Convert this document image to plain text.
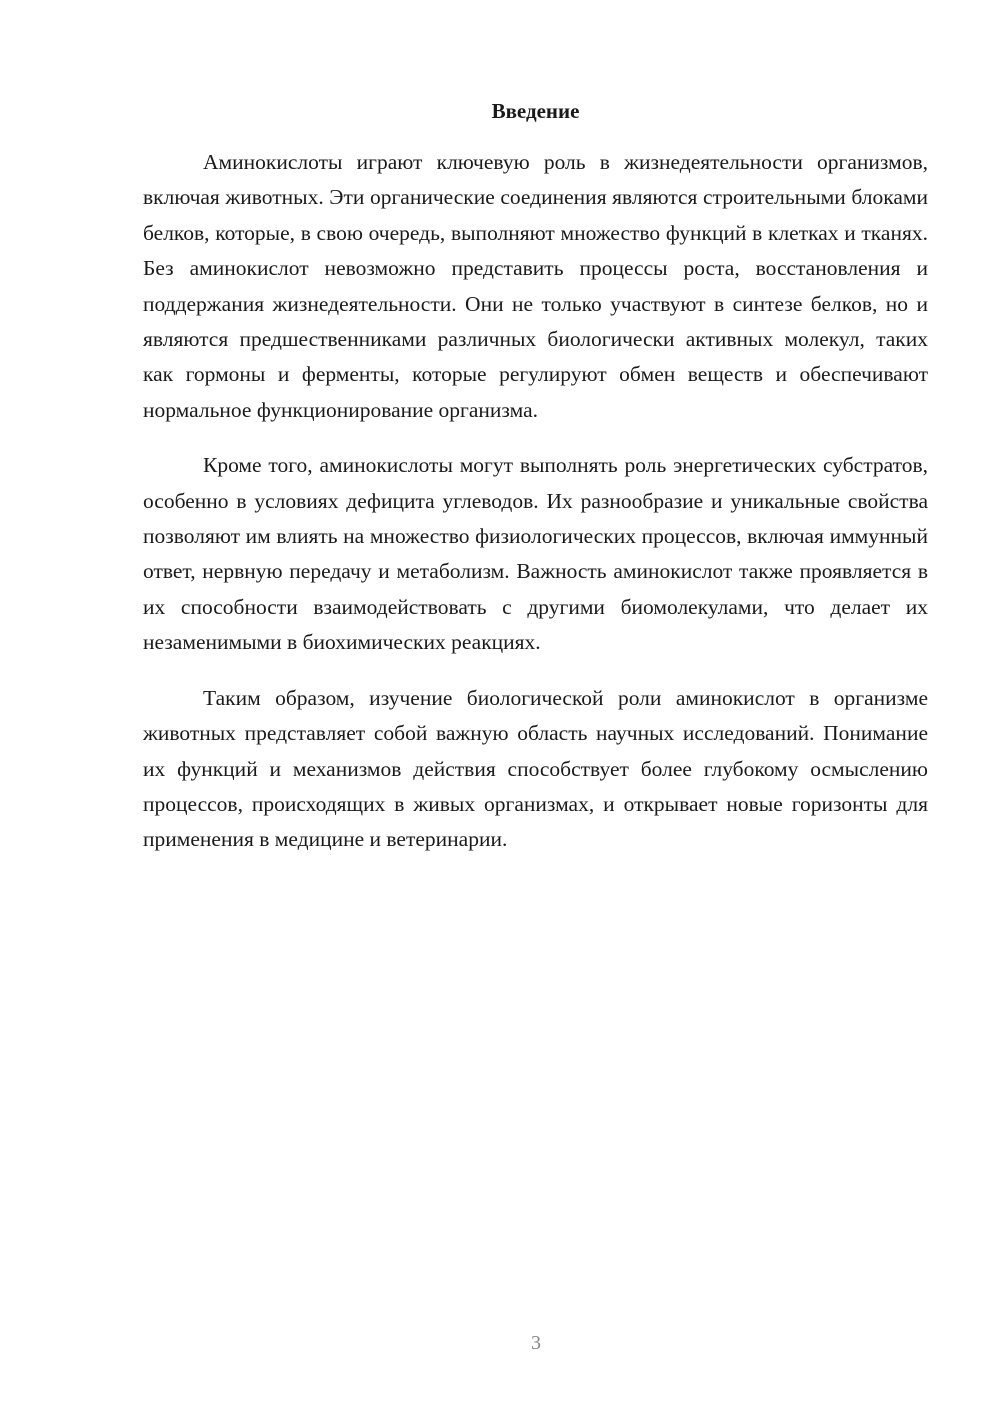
Введение

Аминокислоты играют ключевую роль в жизнедеятельности организмов, включая животных. Эти органические соединения являются строительными блоками белков, которые, в свою очередь, выполняют множество функций в клетках и тканях. Без аминокислот невозможно представить процессы роста, восстановления и поддержания жизнедеятельности. Они не только участвуют в синтезе белков, но и являются предшественниками различных биологически активных молекул, таких как гормоны и ферменты, которые регулируют обмен веществ и обеспечивают нормальное функционирование организма.

Кроме того, аминокислоты могут выполнять роль энергетических субстратов, особенно в условиях дефицита углеводов. Их разнообразие и уникальные свойства позволяют им влиять на множество физиологических процессов, включая иммунный ответ, нервную передачу и метаболизм. Важность аминокислот также проявляется в их способности взаимодействовать с другими биомолекулами, что делает их незаменимыми в биохимических реакциях.

Таким образом, изучение биологической роли аминокислот в организме животных представляет собой важную область научных исследований. Понимание их функций и механизмов действия способствует более глубокому осмыслению процессов, происходящих в живых организмах, и открывает новые горизонты для применения в медицине и ветеринарии.

3
